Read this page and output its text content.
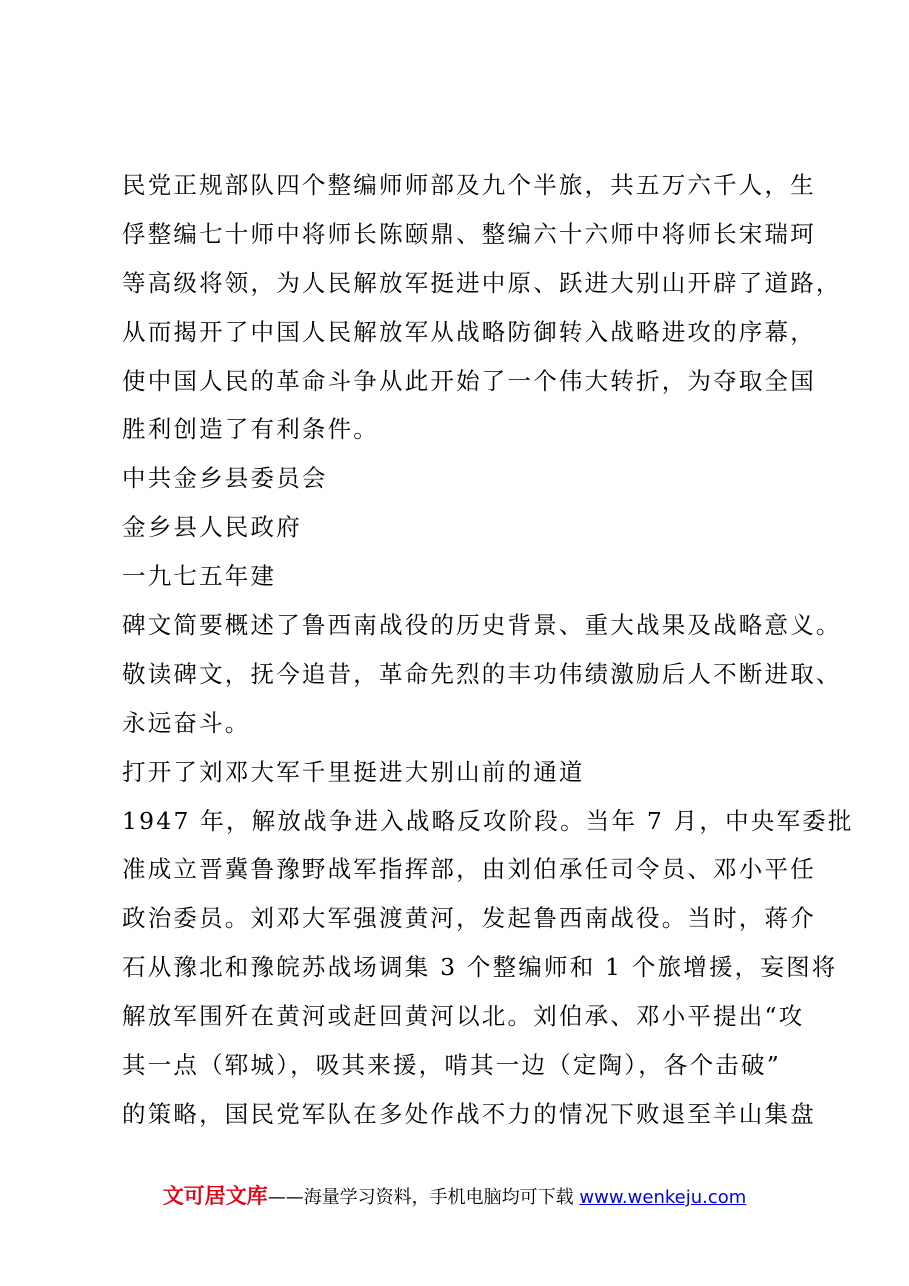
民党正规部队四个整编师师部及九个半旅，共五万六千人，生
俘整编七十师中将师长陈颐鼎、整编六十六师中将师长宋瑞珂
等高级将领，为人民解放军挺进中原、跃进大别山开辟了道路，
从而揭开了中国人民解放军从战略防御转入战略进攻的序幕，
使中国人民的革命斗争从此开始了一个伟大转折，为夺取全国
胜利创造了有利条件。
中共金乡县委员会
金乡县人民政府
一九七五年建
碑文简要概述了鲁西南战役的历史背景、重大战果及战略意义。
敬读碑文，抚今追昔，革命先烈的丰功伟绩激励后人不断进取、
永远奋斗。
打开了刘邓大军千里挺进大别山前的通道
1947 年，解放战争进入战略反攻阶段。当年 7 月，中央军委批
准成立晋冀鲁豫野战军指挥部，由刘伯承任司令员、邓小平任
政治委员。刘邓大军强渡黄河，发起鲁西南战役。当时，蒋介
石从豫北和豫皖苏战场调集 3 个整编师和 1 个旅增援，妄图将
解放军围歼在黄河或赶回黄河以北。刘伯承、邓小平提出“攻
其一点（郓城），吸其来援，啃其一边（定陶），各个击破”
的策略，国民党军队在多处作战不力的情况下败退至羊山集盘
文可居文库——海量学习资料，手机电脑均可下载 www.wenkeju.com
